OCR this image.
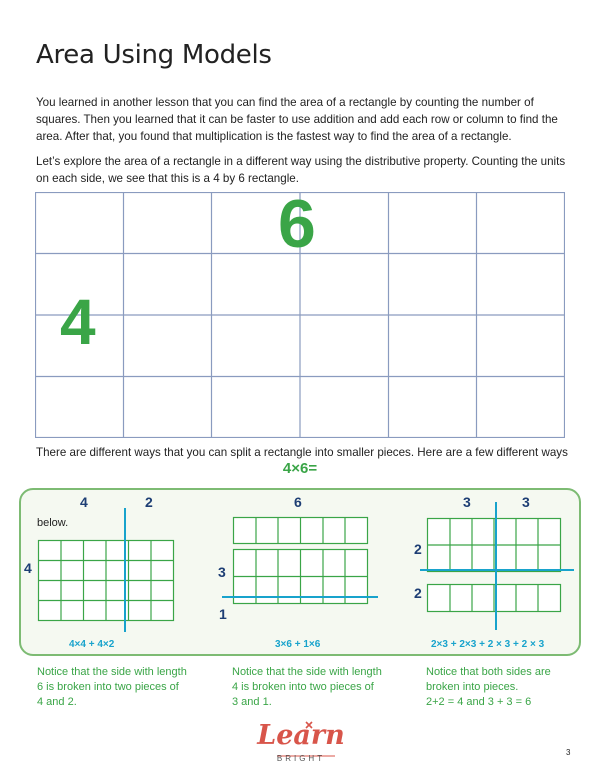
Area Using Models
You learned in another lesson that you can find the area of a rectangle by counting the number of squares. Then you learned that it can be faster to use addition and add each row or column to find the area. After that, you found that multiplication is the fastest way to find the area of a rectangle.
Let’s explore the area of a rectangle in a different way using the distributive property. Counting the units on each side, we see that this is a 4 by 6 rectangle.
6
4
There are different ways that you can split a rectangle into smaller pieces. Here are a few different ways
4×6=
below.
4	2
4
4×4 + 4×2
6
3
1
3×6 + 1×6
3	3
2
2
2×3 + 2×3 + 2 × 3 + 2 × 3
Notice that the side with length 6 is broken into two pieces of 4 and 2.
Notice that the side with length 4 is broken into two pieces of 3 and 1.
Notice that both sides are broken into pieces.
2+2 = 4 and 3 + 3 = 6
Learn
BRIGHT
3
